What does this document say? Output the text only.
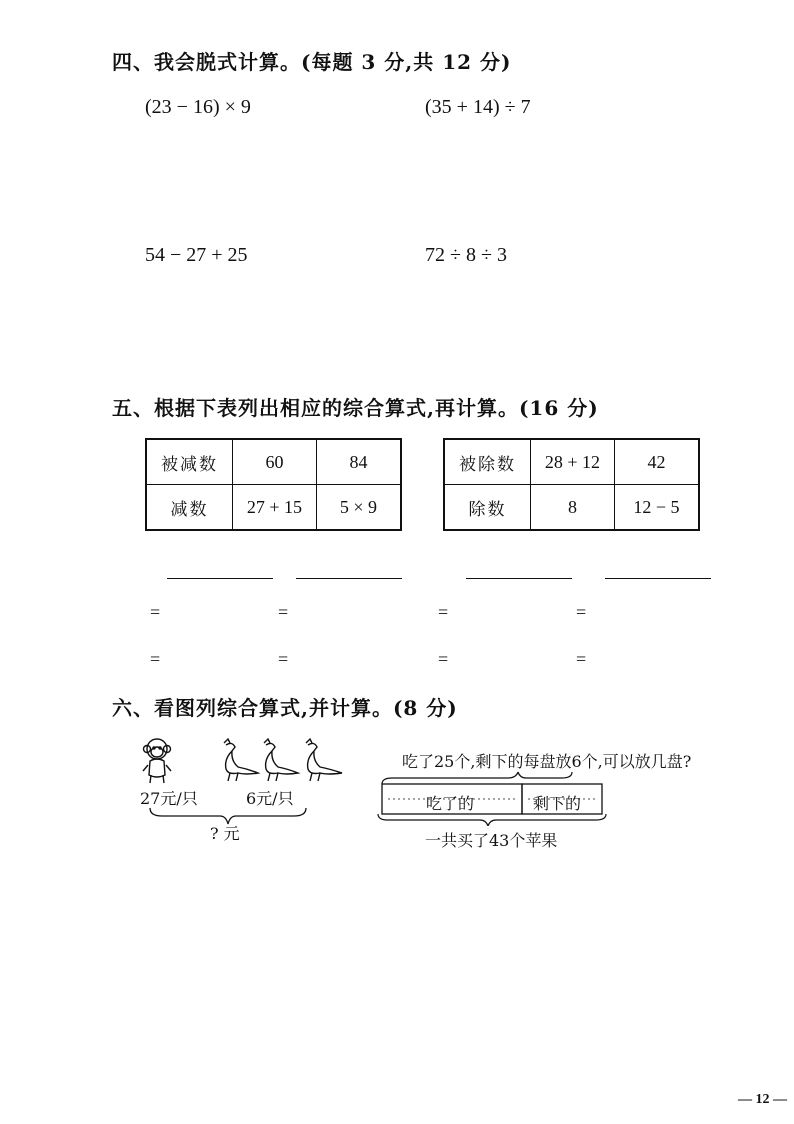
四、我会脱式计算。(每题 3 分,共 12 分)
(23 − 16) × 9	(35 + 14) ÷ 7
54 − 27 + 25	72 ÷ 8 ÷ 3
五、根据下表列出相应的综合算式,再计算。(16 分)
被减数	60	84
减数	27 + 15	5 × 9
被除数	28 + 12	42
除数	8	12 − 5
=	=	=	=
=	=	=	=
六、看图列综合算式,并计算。(8 分)
27元/只	6元/只
? 元
吃了25个,剩下的每盘放6个,可以放几盘?
吃了的	剩下的
一共买了43个苹果
— 12 —
